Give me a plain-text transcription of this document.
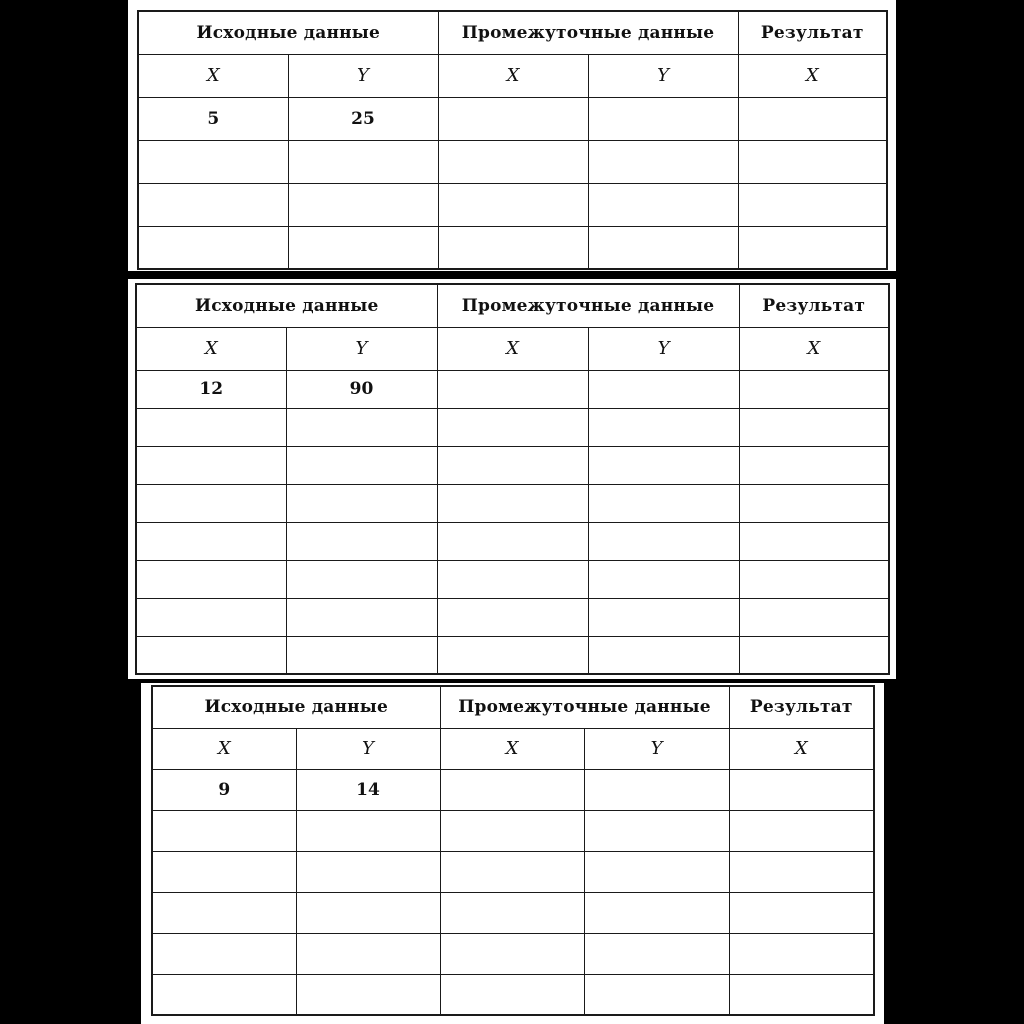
Исходные данные		Промежуточные данные		Результат
X	Y	X	Y	X
5	25			

Исходные данные		Промежуточные данные		Результат
X	Y	X	Y	X
12	90			

Исходные данные		Промежуточные данные		Результат
X	Y	X	Y	X
9	14			
